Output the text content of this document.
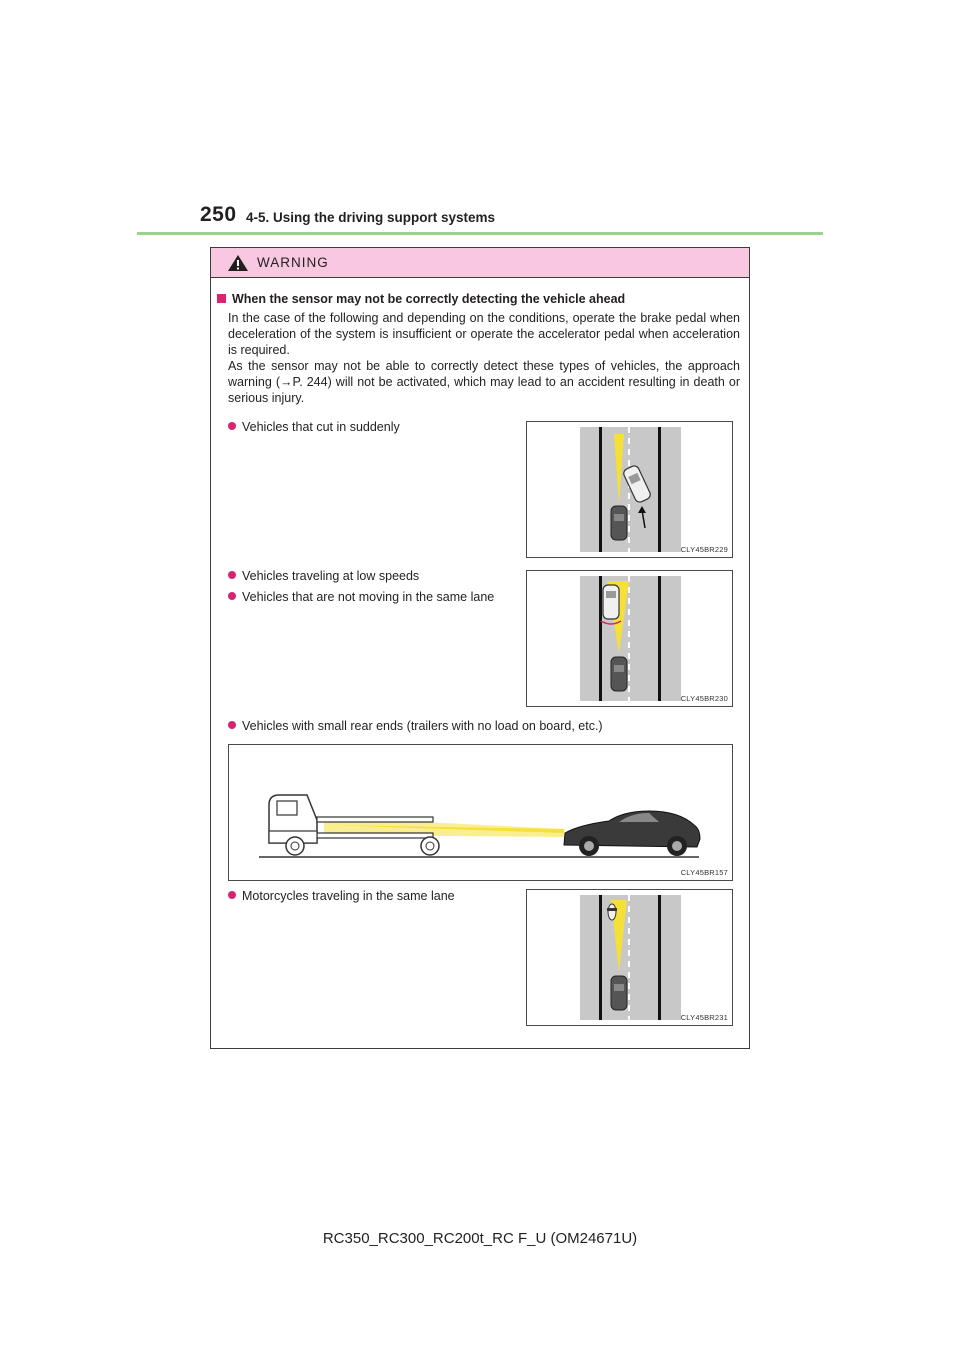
250 4-5. Using the driving support systems
WARNING
When the sensor may not be correctly detecting the vehicle ahead

In the case of the following and depending on the conditions, operate the brake pedal when deceleration of the system is insufficient or operate the accelerator pedal when acceleration is required.

As the sensor may not be able to correctly detect these types of vehicles, the approach warning (→P. 244) will not be activated, which may lead to an accident resulting in death or serious injury.

Vehicles that cut in suddenly
CLY45BR229
Vehicles traveling at low speeds
Vehicles that are not moving in the same lane
CLY45BR230
Vehicles with small rear ends (trailers with no load on board, etc.)
CLY45BR157
Motorcycles traveling in the same lane
CLY45BR231
RC350_RC300_RC200t_RC F_U (OM24671U)
